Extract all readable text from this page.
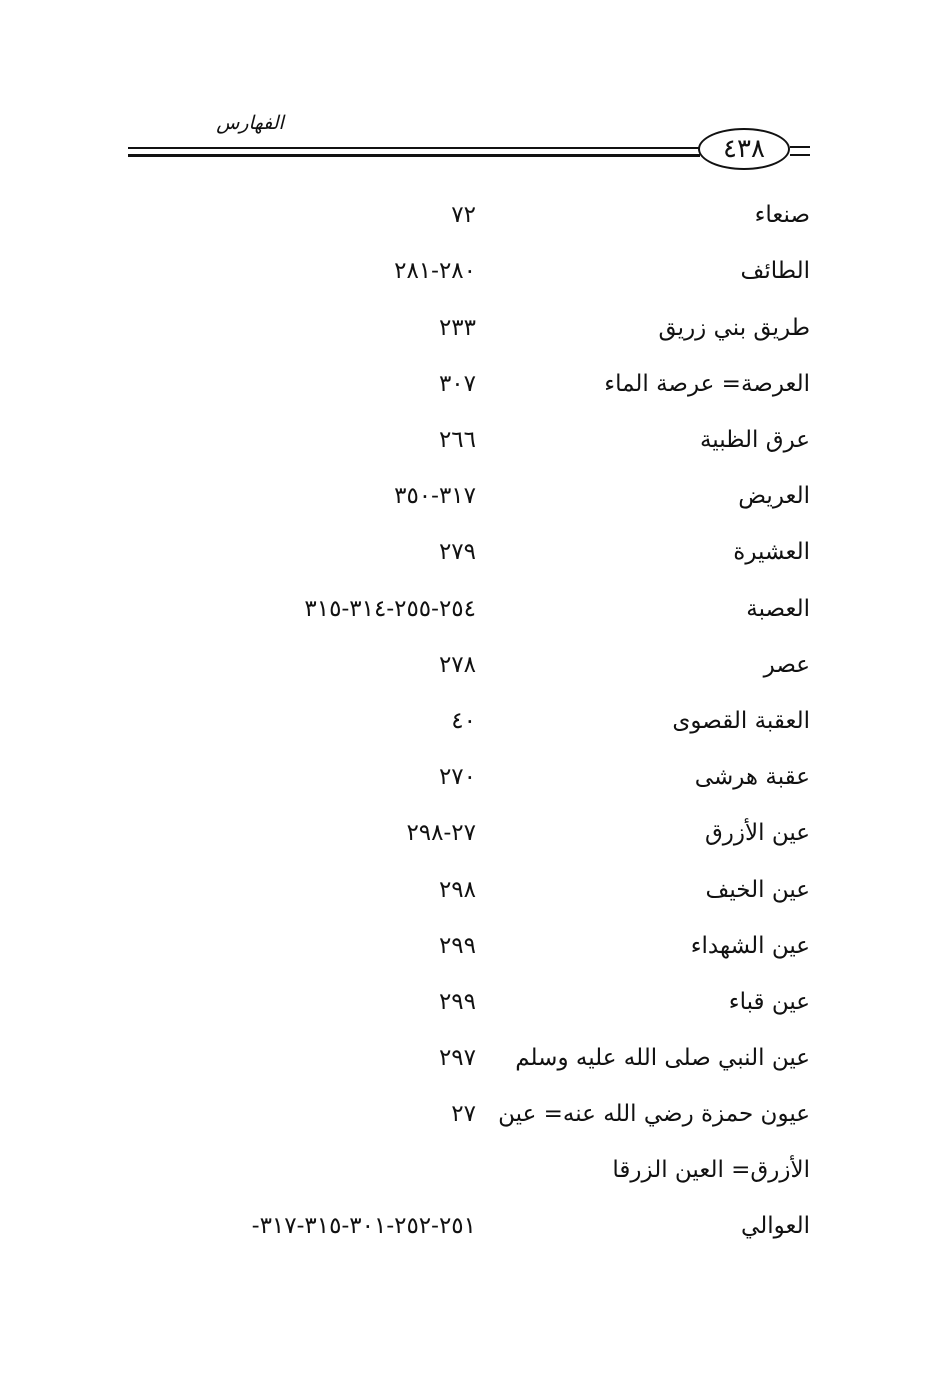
الفهارس
٤٣٨
صنعاء
٧٢
الطائف
٢٨٠-٢٨١
طريق بني زريق
٢٣٣
العرصة= عرصة الماء
٣٠٧
عرق الظبية
٢٦٦
العريض
٣١٧-٣٥٠
العشيرة
٢٧٩
العصبة
٢٥٤-٢٥٥-٣١٤-٣١٥
عصر
٢٧٨
العقبة القصوى
٤٠
عقبة هرشى
٢٧٠
عين الأزرق
٢٧-٢٩٨
عين الخيف
٢٩٨
عين الشهداء
٢٩٩
عين قباء
٢٩٩
عين النبي صلى الله عليه وسلم
٢٩٧
عيون حمزة رضي الله عنه= عين
٢٧
الأزرق= العين الزرقا
العوالي
-٢٥١-٢٥٢-٣٠١-٣١٥-٣١٧
